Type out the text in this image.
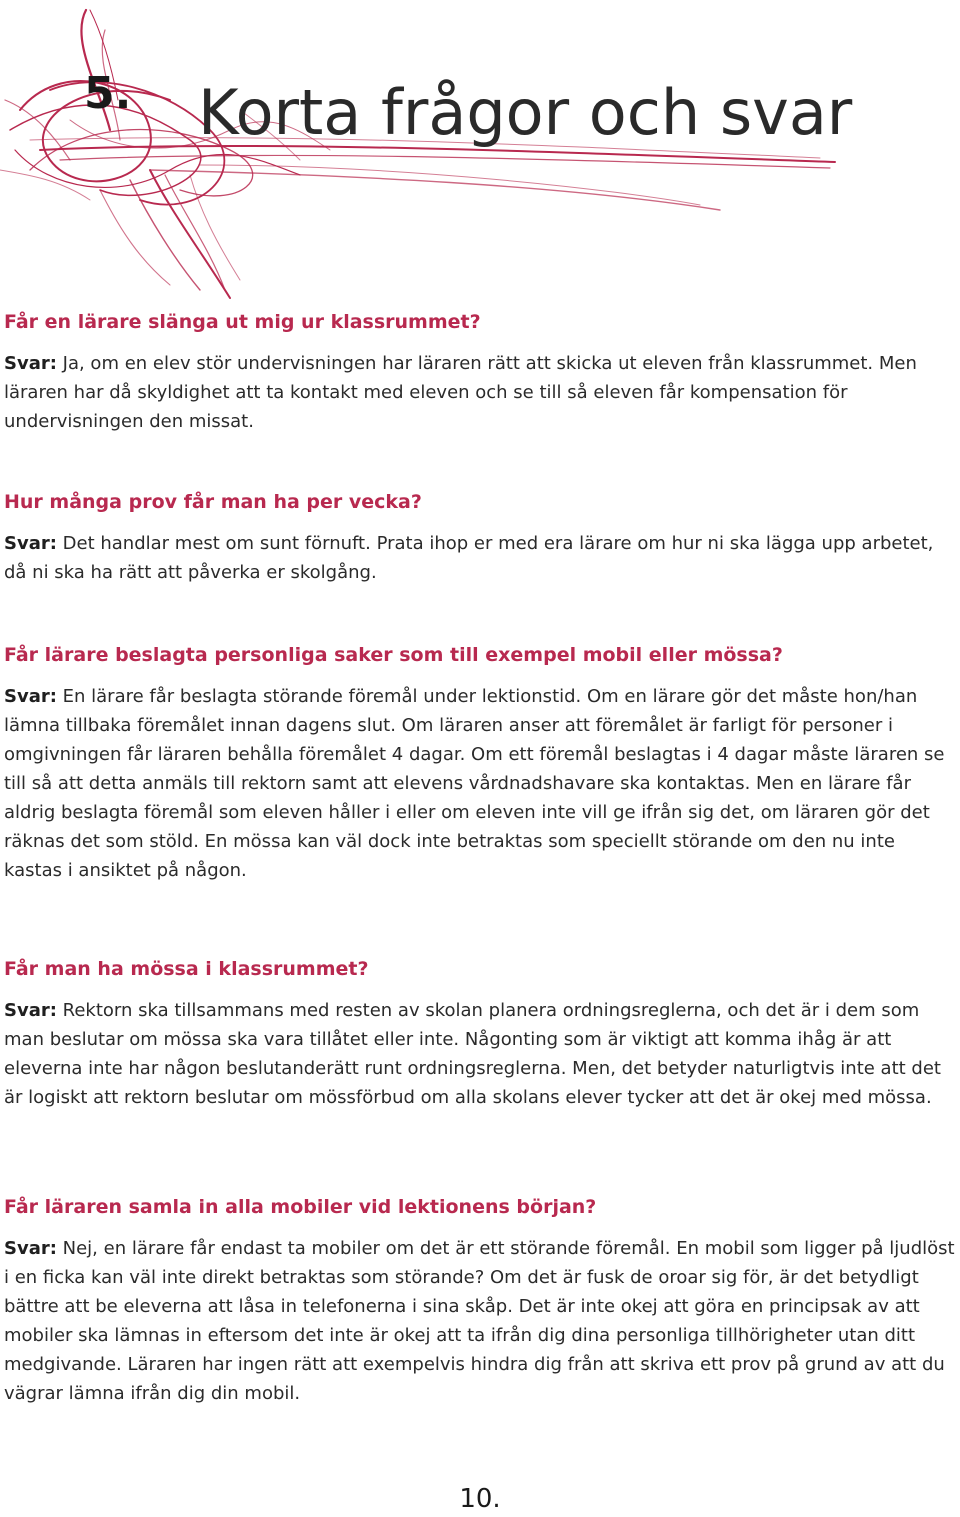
5. Korta frågor och svar
Får en lärare slänga ut mig ur klassrummet?

Svar: Ja, om en elev stör undervisningen har läraren rätt att skicka ut eleven från klassrummet. Men läraren har då skyldighet att ta kontakt med eleven och se till så eleven får kompensation för undervisningen den missat.

Hur många prov får man ha per vecka?

Svar: Det handlar mest om sunt förnuft. Prata ihop er med era lärare om hur ni ska lägga upp arbetet, då ni ska ha rätt att påverka er skolgång.

Får lärare beslagta personliga saker som till exempel mobil eller mössa?

Svar: En lärare får beslagta störande föremål under lektionstid. Om en lärare gör det måste hon/han lämna tillbaka föremålet innan dagens slut. Om läraren anser att föremålet är farligt för personer i omgivningen får läraren behålla föremålet 4 dagar. Om ett föremål beslagtas i 4 dagar måste läraren se till så att detta anmäls till rektorn samt att elevens vårdnadshavare ska kontaktas. Men en lärare får aldrig beslagta föremål som eleven håller i eller om eleven inte vill ge ifrån sig det, om läraren gör det räknas det som stöld. En mössa kan väl dock inte betraktas som speciellt störande om den nu inte kastas i ansiktet på någon.

Får man ha mössa i klassrummet?

Svar: Rektorn ska tillsammans med resten av skolan planera ordningsreglerna, och det är i dem som man beslutar om mössa ska vara tillåtet eller inte. Någonting som är viktigt att komma ihåg är att eleverna inte har någon beslutanderätt runt ordningsreglerna. Men, det betyder naturligtvis inte att det är logiskt att rektorn beslutar om mössförbud om alla skolans elever tycker att det är okej med mössa.

Får läraren samla in alla mobiler vid lektionens början?

Svar: Nej, en lärare får endast ta mobiler om det är ett störande föremål. En mobil som ligger på ljudlöst i en ficka kan väl inte direkt betraktas som störande? Om det är fusk de oroar sig för, är det betydligt bättre att be eleverna att låsa in telefonerna i sina skåp. Det är inte okej att göra en principsak av att mobiler ska lämnas in eftersom det inte är okej att ta ifrån dig dina personliga tillhörigheter utan ditt medgivande. Läraren har ingen rätt att exempelvis hindra dig från att skriva ett prov på grund av att du vägrar lämna ifrån dig din mobil.

10.
